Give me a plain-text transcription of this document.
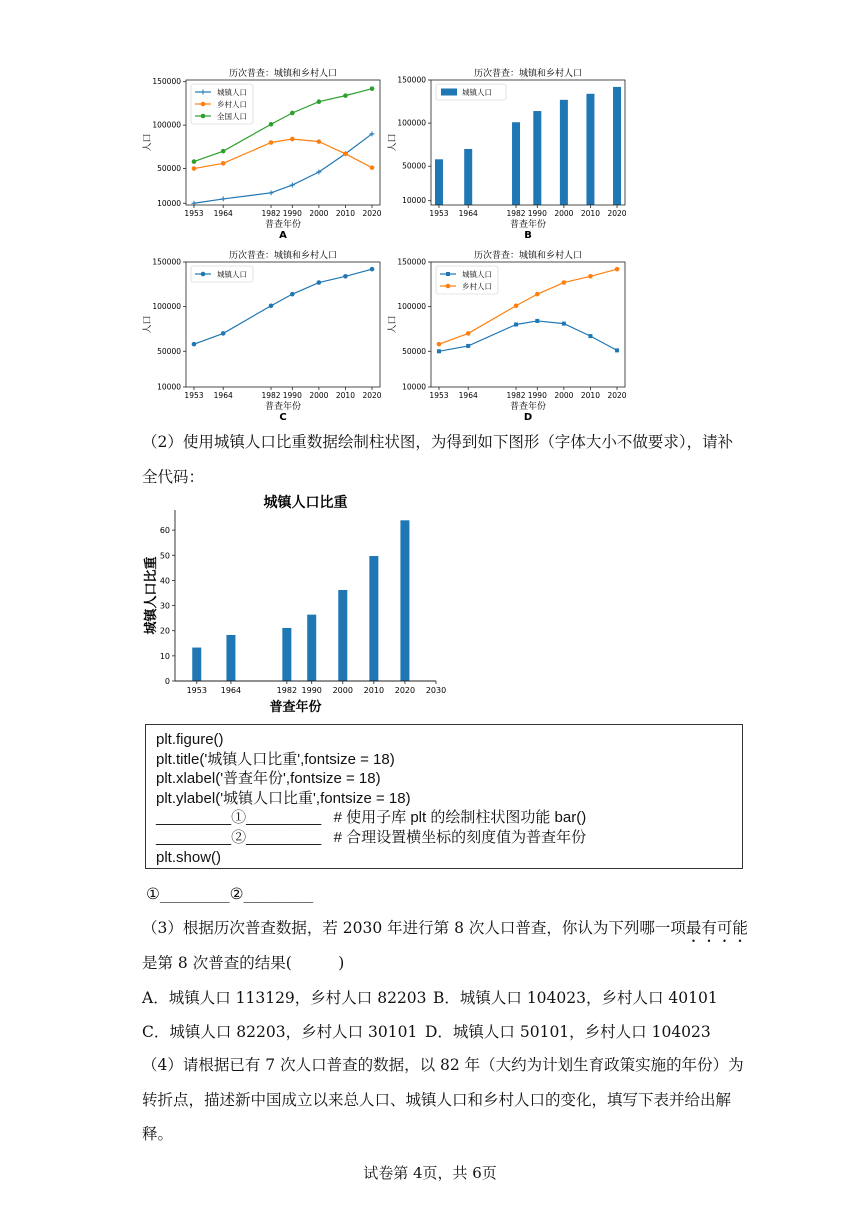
历次普查：城镇和乡村人口
1953 1964	1982 1990 2000 2010 2020
10000
50000
100000
150000
普查年份
人口
A
城镇人口
乡村人口
全国人口
历次普查：城镇和乡村人口
1953 1964	1982 1990 2000 2010 2020
10000
50000
100000
150000
普查年份
人口
B
城镇人口
历次普查：城镇和乡村人口
1953 1964	1982 1990 2000 2010 2020
10000
50000
100000
150000
普查年份
人口
C
城镇人口
历次普查：城镇和乡村人口
1953 1964	1982 1990 2000 2010 2020
10000
50000
100000
150000
普查年份
人口
D
城镇人口
乡村人口
（2）使用城镇人口比重数据绘制柱状图，为得到如下图形（字体大小不做要求），请补
全代码：
城镇人口比重
1953 1964	1982 1990 2000 2010 2020 2030
0
10
20
30
40
50
60
普查年份
城镇人口比重
plt.figure()
plt.title('城镇人口比重',fontsize = 18)
plt.xlabel('普查年份',fontsize = 18)
plt.ylabel('城镇人口比重',fontsize = 18)
_________①_________   # 使用子库 plt 的绘制柱状图功能 bar()
_________②_________   # 合理设置横坐标的刻度值为普查年份
plt.show()
①_________②_________
（3）根据历次普查数据，若 2030 年进行第 8 次人口普查，你认为下列哪一项最有可能
是第 8 次普查的结果(　　　)
A．城镇人口 113129，乡村人口 82203 B．城镇人口 104023，乡村人口 40101
C．城镇人口 82203，乡村人口 30101 D．城镇人口 50101，乡村人口 104023
（4）请根据已有 7 次人口普查的数据，以 82 年（大约为计划生育政策实施的年份）为
转折点，描述新中国成立以来总人口、城镇人口和乡村人口的变化，填写下表并给出解
释。
试卷第 4页，共 6页
